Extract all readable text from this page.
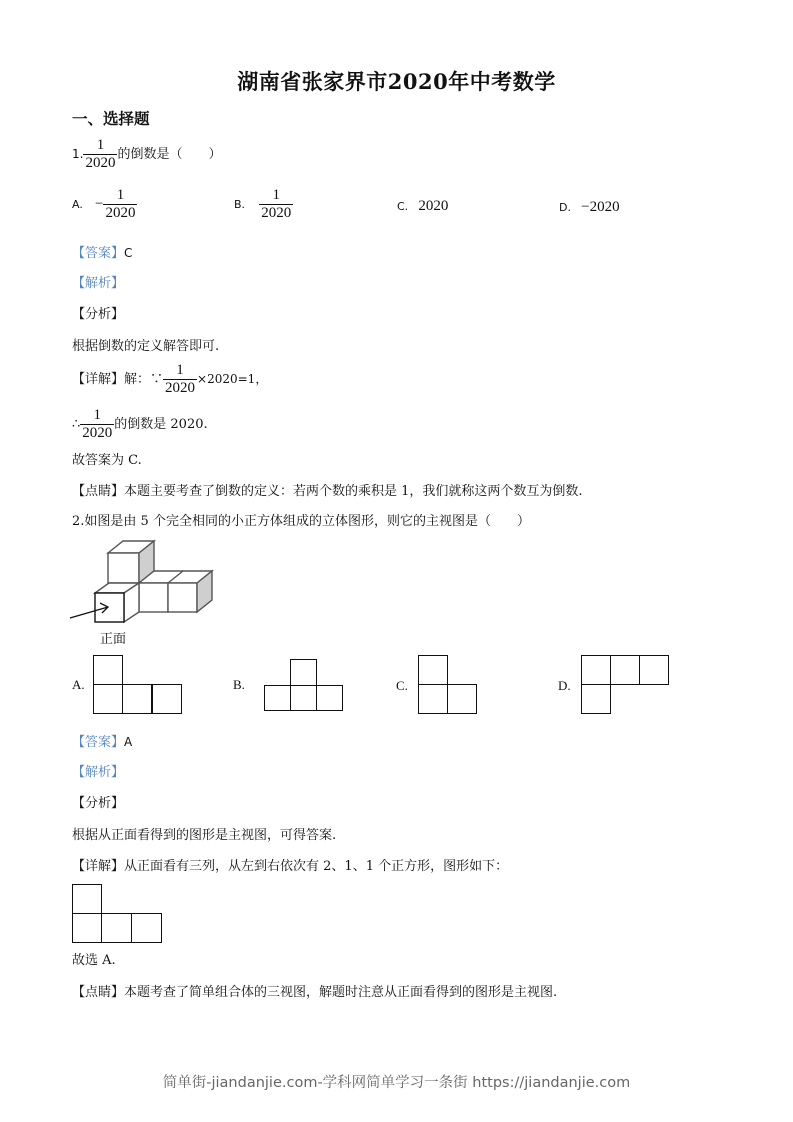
湖南省张家界市2020年中考数学
一、选择题
1. $\frac{1}{2020}$ 的倒数是（　　）
A. − $\frac{1}{2020}$	B. $\frac{1}{2020}$	C. 2020	D. −2020
【答案】C
【解析】
【分析】
根据倒数的定义解答即可.
【详解】解：∵ $\frac{1}{2020} \times 2020=1$，
∴ $\frac{1}{2020}$ 的倒数是 2020.
故答案为 C.
【点睛】本题主要考查了倒数的定义：若两个数的乘积是 1，我们就称这两个数互为倒数.
2.如图是由 5 个完全相同的小正方体组成的立体图形，则它的主视图是（　　）
正面
A.	B.	C.	D.
【答案】A
【解析】
【分析】
根据从正面看得到的图形是主视图，可得答案.
【详解】从正面看有三列，从左到右依次有 2、1、1 个正方形，图形如下：
故选 A.
【点睛】本题考查了简单组合体的三视图，解题时注意从正面看得到的图形是主视图.
简单街-jiandanjie.com-学科网简单学习一条街 https://jiandanjie.com
